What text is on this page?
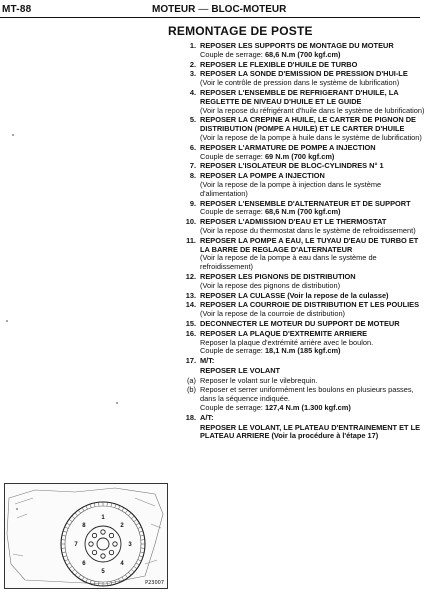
MT-88	MOTEUR — BLOC-MOTEUR
REMONTAGE DE POSTE
1. REPOSER LES SUPPORTS DE MONTAGE DU MOTEUR
Couple de serrage: 68,6 N.m (700 kgf.cm)
2. REPOSER LE FLEXIBLE D'HUILE DE TURBO
3. REPOSER LA SONDE D'EMISSION DE PRESSION D'HUI-LE
(Voir le contrôle de pression dans le système de lubrification)
4. REPOSER L'ENSEMBLE DE REFRIGERANT D'HUILE, LA REGLETTE DE NIVEAU D'HUILE ET LE GUIDE
(Voir la repose du réfrigérant d'huile dans le système de lubrification)
5. REPOSER LA CREPINE A HUILE, LE CARTER DE PIGNON DE DISTRIBUTION (POMPE A HUILE) ET LE CARTER D'HUILE
(Voir la repose de la pompe à huile dans le système de lubrification)
6. REPOSER L'ARMATURE DE POMPE A INJECTION
Couple de serrage: 69 N.m (700 kgf.cm)
7. REPOSER L'ISOLATEUR DE BLOC-CYLINDRES N° 1
8. REPOSER LA POMPE A INJECTION
(Voir la repose de la pompe à injection dans le système d'alimentation)
9. REPOSER L'ENSEMBLE D'ALTERNATEUR ET DE SUPPORT
Couple de serrage: 68,6 N.m (700 kgf.cm)
10. REPOSER L'ADMISSION D'EAU ET LE THERMOSTAT
(Voir la repose du thermostat dans le système de refroidissement)
11. REPOSER LA POMPE A EAU, LE TUYAU D'EAU DE TURBO ET LA BARRE DE REGLAGE D'ALTERNATEUR
(Voir la repose de la pompe à eau dans le système de refroidissement)
12. REPOSER LES PIGNONS DE DISTRIBUTION
(Voir la repose des pignons de distribution)
13. REPOSER LA CULASSE (Voir la repose de la culasse)
14. REPOSER LA COURROIE DE DISTRIBUTION ET LES POULIES
(Voir la repose de la courroie de distribution)
15. DECONNECTER LE MOTEUR DU SUPPORT DE MOTEUR
16. REPOSER LA PLAQUE D'EXTREMITE ARRIERE
Reposer la plaque d'extrémité arrière avec le boulon.
Couple de serrage: 18,1 N.m (185 kgf.cm)
17. M/T:
REPOSER LE VOLANT
(a) Reposer le volant sur le vilebrequin.
(b) Reposer et serrer uniformément les boulons en plusieurs passes, dans la séquence indiquée.
Couple de serrage: 127,4 N.m (1.300 kgf.cm)
18. A/T:
REPOSER LE VOLANT, LE PLATEAU D'ENTRAINEMENT ET LE PLATEAU ARRIERE (Voir la procédure à l'étape 17)
1
2
3
4
5
6
7
8
P23007
